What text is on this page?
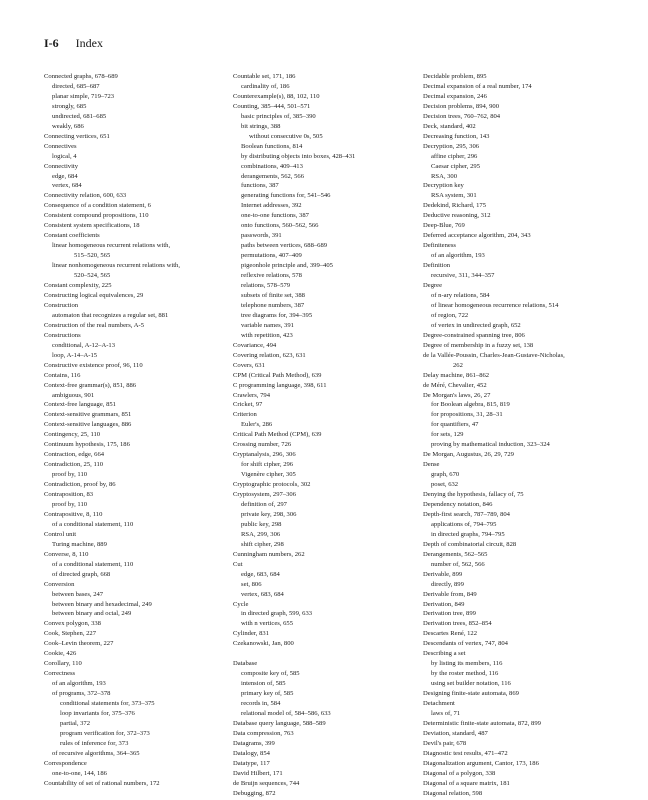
I-6 Index
Connected graphs, 678–689
directed, 685–687
planar simple, 719–723
strongly, 685
undirected, 681–685
weakly, 686
Connecting vertices, 651
Connectives
logical, 4
Connectivity
edge, 684
vertex, 684
Connectivity relation, 600, 633
Consequence of a condition statement, 6
Consistent compound propositions, 110
Consistent system specifications, 18
Constant coefficients
linear homogeneous recurrent relations with,
515–520, 565
linear nonhomogeneous recurrent relations with,
520–524, 565
Constant complexity, 225
Constructing logical equivalences, 29
Construction
automaton that recognizes a regular set, 881
Construction of the real numbers, A-5
Constructions
conditional, A-12–A-13
loop, A-14–A-15
Constructive existence proof, 96, 110
Contains, 116
Context-free grammar(s), 851, 886
ambiguous, 901
Context-free language, 851
Context-sensitive grammars, 851
Context-sensitive languages, 886
Contingency, 25, 110
Continuum hypothesis, 175, 186
Contraction, edge, 664
Contradiction, 25, 110
proof by, 110
Contradiction, proof by, 86
Contraposition, 83
proof by, 110
Contrapositive, 8, 110
of a conditional statement, 110
Control unit
Turing machine, 889
Converse, 8, 110
of a conditional statement, 110
of directed graph, 668
Conversion
between bases, 247
between binary and hexadecimal, 249
between binary and octal, 249
Convex polygon, 338
Cook, Stephen, 227
Cook–Levin theorem, 227
Cookie, 426
Corollary, 110
Correctness
of an algorithm, 193
of programs, 372–378
conditional statements for, 373–375
loop invariants for, 375–376
partial, 372
program verification for, 372–373
rules of inference for, 373
of recursive algorithms, 364–365
Correspondence
one-to-one, 144, 186
Countability of set of rational numbers, 172
Countable set, 171, 186
cardinality of, 186
Counterexample(s), 88, 102, 110
Counting, 385–444, 501–571
basic principles of, 385–390
bit strings, 388
without consecutive 0s, 505
Boolean functions, 814
by distributing objects into boxes, 428–431
combinations, 409–413
derangements, 562, 566
functions, 387
generating functions for, 541–546
Internet addresses, 392
one-to-one functions, 387
onto functions, 560–562, 566
passwords, 391
paths between vertices, 688–689
permutations, 407–409
pigeonhole principle and, 399–405
reflexive relations, 578
relations, 578–579
subsets of finite set, 388
telephone numbers, 387
tree diagrams for, 394–395
variable names, 391
with repetition, 423
Covariance, 494
Covering relation, 623, 631
Covers, 631
CPM (Critical Path Method), 639
C programming language, 398, 611
Crawlers, 794
Cricket, 97
Criterion
Euler's, 286
Critical Path Method (CPM), 639
Crossing number, 726
Cryptanalysis, 296, 306
for shift cipher, 296
Vigenère cipher, 305
Cryptographic protocols, 302
Cryptosystem, 297–306
definition of, 297
private key, 298, 306
public key, 298
RSA, 299, 306
shift cipher, 298
Cunningham numbers, 262
Cut
edge, 683, 684
set, 806
vertex, 683, 684
Cycle
in directed graph, 599, 633
with n vertices, 655
Cylinder, 831
Czekanowski, Jan, 800
Database
composite key of, 585
intension of, 585
primary key of, 585
records in, 584
relational model of, 584–586, 633
Database query language, 588–589
Data compression, 763
Datagrams, 399
Datalogy, 854
Datatype, 117
David Hilbert, 171
de Bruijn sequences, 744
Debugging, 872
Decidable problem, 895
Decimal expansion of a real number, 174
Decimal expansion, 246
Decision problems, 894, 900
Decision trees, 760–762, 804
Deck, standard, 402
Decreasing function, 143
Decryption, 295, 306
affine cipher, 296
Caesar cipher, 295
RSA, 300
Decryption key
RSA system, 301
Dedekind, Richard, 175
Deductive reasoning, 312
Deep-Blue, 769
Deferred acceptance algorithm, 204, 343
Definiteness
of an algorithm, 193
Definition
recursive, 311, 344–357
Degree
of n-ary relations, 584
of linear homogeneous recurrence relations, 514
of region, 722
of vertex in undirected graph, 652
Degree-constrained spanning tree, 806
Degree of membership in a fuzzy set, 138
de la Vallée-Poussin, Charles-Jean-Gustave-Nicholas,
262
Delay machine, 861–862
de Méré, Chevalier, 452
De Morgan's laws, 26, 27
for Boolean algebra, 815, 819
for propositions, 31, 28–31
for quantifiers, 47
for sets, 129
proving by mathematical induction, 323–324
De Morgan, Augustus, 26, 29, 729
Dense
graph, 670
poset, 632
Denying the hypothesis, fallacy of, 75
Dependency notation, 846
Depth-first search, 787–789, 804
applications of, 794–795
in directed graphs, 794–795
Depth of combinatorial circuit, 828
Derangements, 562–565
number of, 562, 566
Derivable, 899
directly, 899
Derivable from, 849
Derivation, 849
Derivation tree, 899
Derivation trees, 852–854
Descartes René, 122
Descendants of vertex, 747, 804
Describing a set
by listing its members, 116
by the roster method, 116
using set builder notation, 116
Designing finite-state automata, 869
Detachment
laws of, 71
Deterministic finite-state automata, 872, 899
Deviation, standard, 487
Devil's pair, 678
Diagnostic test results, 471–472
Diagonalization argument, Cantor, 173, 186
Diagonal of a polygon, 338
Diagonal of a square matrix, 181
Diagonal relation, 598
